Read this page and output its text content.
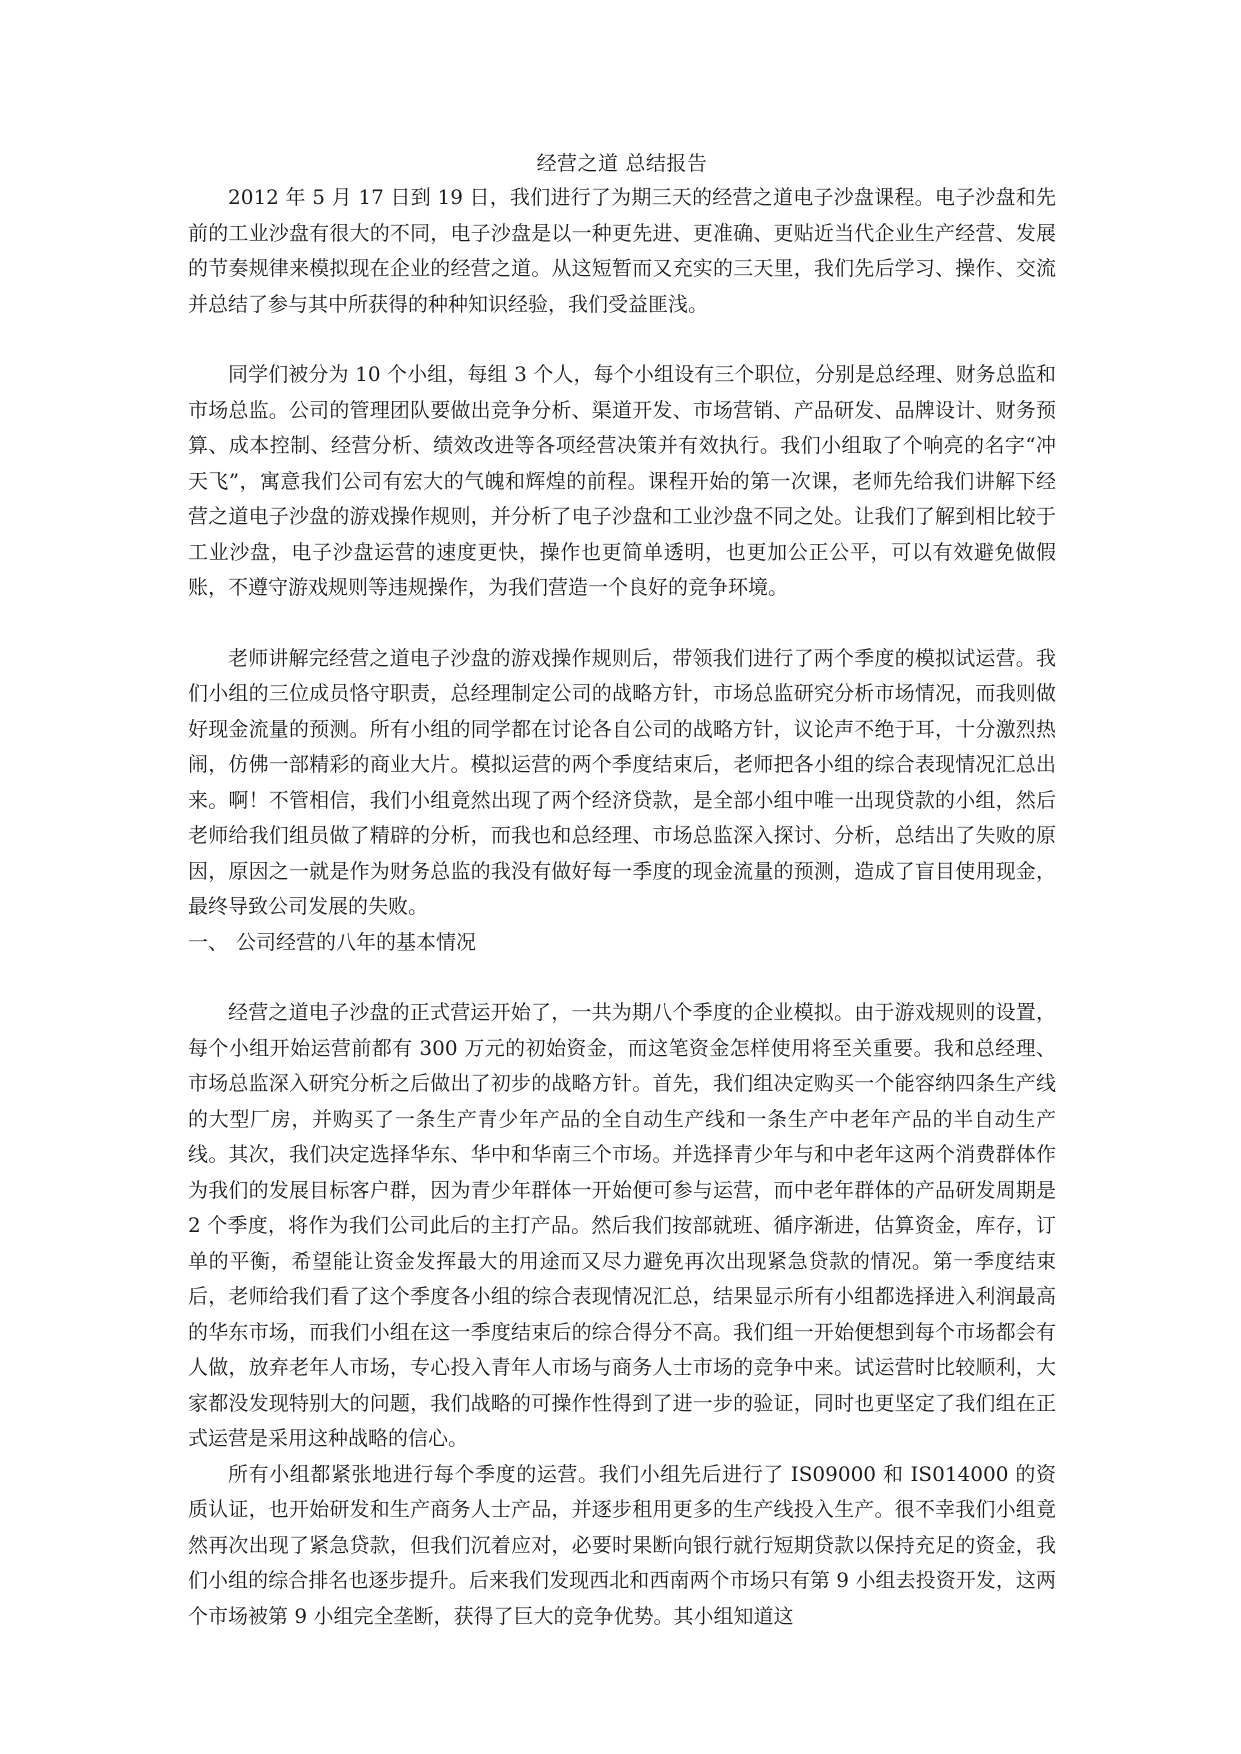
经营之道 总结报告

2012 年 5 月 17 日到 19 日，我们进行了为期三天的经营之道电子沙盘课程。电子沙盘和先前的工业沙盘有很大的不同，电子沙盘是以一种更先进、更准确、更贴近当代企业生产经营、发展的节奏规律来模拟现在企业的经营之道。从这短暂而又充实的三天里，我们先后学习、操作、交流并总结了参与其中所获得的种种知识经验，我们受益匪浅。

同学们被分为 10 个小组，每组 3 个人，每个小组设有三个职位，分别是总经理、财务总监和市场总监。公司的管理团队要做出竞争分析、渠道开发、市场营销、产品研发、品牌设计、财务预算、成本控制、经营分析、绩效改进等各项经营决策并有效执行。我们小组取了个响亮的名字“冲天飞”，寓意我们公司有宏大的气魄和辉煌的前程。课程开始的第一次课，老师先给我们讲解下经营之道电子沙盘的游戏操作规则，并分析了电子沙盘和工业沙盘不同之处。让我们了解到相比较于工业沙盘，电子沙盘运营的速度更快，操作也更简单透明，也更加公正公平，可以有效避免做假账，不遵守游戏规则等违规操作，为我们营造一个良好的竞争环境。

老师讲解完经营之道电子沙盘的游戏操作规则后，带领我们进行了两个季度的模拟试运营。我们小组的三位成员恪守职责，总经理制定公司的战略方针，市场总监研究分析市场情况，而我则做好现金流量的预测。所有小组的同学都在讨论各自公司的战略方针，议论声不绝于耳，十分激烈热闹，仿佛一部精彩的商业大片。模拟运营的两个季度结束后，老师把各小组的综合表现情况汇总出来。啊！不管相信，我们小组竟然出现了两个经济贷款，是全部小组中唯一出现贷款的小组，然后老师给我们组员做了精辟的分析，而我也和总经理、市场总监深入探讨、分析，总结出了失败的原因，原因之一就是作为财务总监的我没有做好每一季度的现金流量的预测，造成了盲目使用现金，最终导致公司发展的失败。

一、 公司经营的八年的基本情况

经营之道电子沙盘的正式营运开始了，一共为期八个季度的企业模拟。由于游戏规则的设置，每个小组开始运营前都有 300 万元的初始资金，而这笔资金怎样使用将至关重要。我和总经理、市场总监深入研究分析之后做出了初步的战略方针。首先，我们组决定购买一个能容纳四条生产线的大型厂房，并购买了一条生产青少年产品的全自动生产线和一条生产中老年产品的半自动生产线。其次，我们决定选择华东、华中和华南三个市场。并选择青少年与和中老年这两个消费群体作为我们的发展目标客户群，因为青少年群体一开始便可参与运营，而中老年群体的产品研发周期是 2 个季度，将作为我们公司此后的主打产品。然后我们按部就班、循序渐进，估算资金，库存，订单的平衡，希望能让资金发挥最大的用途而又尽力避免再次出现紧急贷款的情况。第一季度结束后，老师给我们看了这个季度各小组的综合表现情况汇总，结果显示所有小组都选择进入利润最高的华东市场，而我们小组在这一季度结束后的综合得分不高。我们组一开始便想到每个市场都会有人做，放弃老年人市场，专心投入青年人市场与商务人士市场的竞争中来。试运营时比较顺利，大家都没发现特别大的问题，我们战略的可操作性得到了进一步的验证，同时也更坚定了我们组在正式运营是采用这种战略的信心。

所有小组都紧张地进行每个季度的运营。我们小组先后进行了 IS09000 和 IS014000 的资质认证，也开始研发和生产商务人士产品，并逐步租用更多的生产线投入生产。很不幸我们小组竟然再次出现了紧急贷款，但我们沉着应对，必要时果断向银行就行短期贷款以保持充足的资金，我们小组的综合排名也逐步提升。后来我们发现西北和西南两个市场只有第 9 小组去投资开发，这两个市场被第 9 小组完全垄断，获得了巨大的竞争优势。其小组知道这
